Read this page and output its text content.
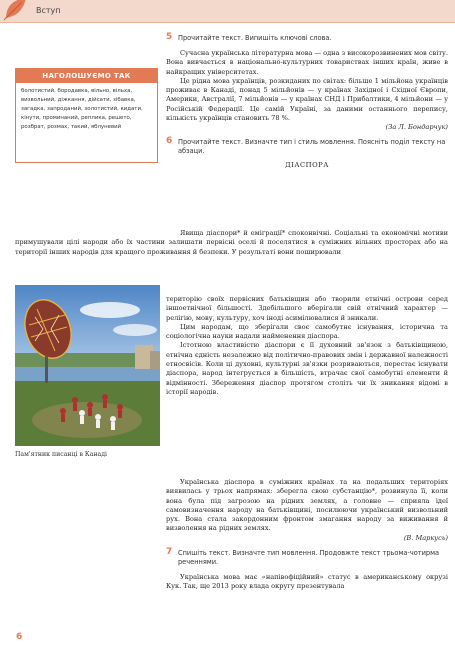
Вступ
НАГОЛОШУЄМО ТАК
болотистий, бородавка, вільно, вільха, визвольний, діжкання, дійсати, зібавка, загадка, запроданий, золотистий, кидати, кінути, проминаний, реплика, решето, розбрат, розмах, такий, яблуневий
5 Прочитайте текст. Випишіть ключові слова.

Сучасна українська літературна мова — одна з високорозвинених мов світу. Вона вивчається в національно-культурних товариствах інших країн, живе в найкращих університетах.

Це рідна мова українців, розкиданих по світах: більше 1 мільйона українців проживає в Канаді, понад 5 мільйонів — у країнах Західної і Східної Європи, Америки, Австралії, 7 мільйонів — у країнах СНД і Прибалтики, 4 мільйони — у Російській Федерації. Це самій Україні, за даними останнього перепису, кількість українців становить 78 %.

(За Л. Бондарчук)
6 Прочитайте текст. Визначте тип і стиль мовлення. Поясніть поділ тексту на абзаци.
ДІАСПОРА

Явища діаспори* й еміграції* споконвічні. Соціальні та економічні мотиви примушували цілі народи або їх частини залишати первісні оселі й поселятися в суміжних вільних просторах або на території інших народів для кращого проживання й безпеки. У результаті вони поширювали

Пам'ятник писанці в Канаді

територію своїх первісних батьківщин або творили етнічні острови серед іншоетнічної більшості. Здебільшого вберігали свій етнічний характер — релігію, мову, культуру, хоч іноді асимілювалися й зникали.

Цим народам, що зберігали своє самобутнє існування, історична та соціологічна науки надали найменення діаспора.

Істотною властивістю діаспори є її духовний зв'язок з батьківщиною, етнічна єдність незалежно від політично-правових змін і державної належності етносвісів. Коли ці духовні, культурні зв'язки розриваються, перестає існувати діаспора, народ інтегрується в більшість, втрачає свої самобутні елементи й відмінності. Збереження діаспор протягом століть чи їх зникання відомі в історії народів.

Українська діаспора в суміжних країнах та на подальших територіях виявилась у трьох напрямах: зберегла свою субстанцію*, розвинула її, коли вона була під загрозою на рідних землях, а головне — сприяла ідеї самовизначення народу на батьківщині, посилюючи український визвольний рух. Вона стала закордонним фронтом змагання народу за виживання й визволення на рідних землях.

(В. Маркусь)
7 Спишіть текст. Визначте тип мовлення. Продовжте текст трьома-чотирма реченнями.

Українська мова має «напівофіційний» статус в американському окрузі Кук. Так, ще 2013 року влада округу презентувала

6
